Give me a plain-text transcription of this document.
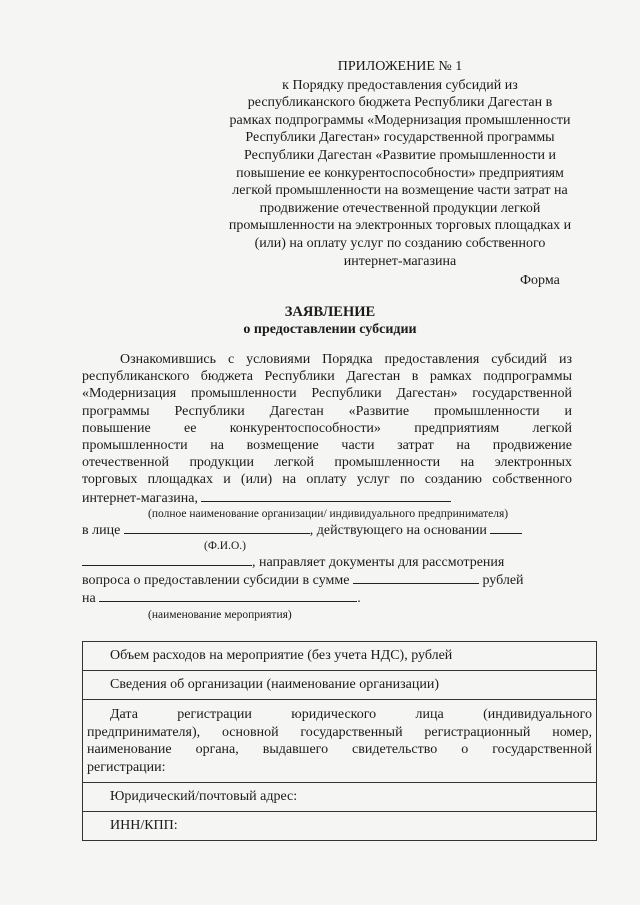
ПРИЛОЖЕНИЕ № 1
к Порядку предоставления субсидий из
республиканского бюджета Республики Дагестан в
рамках подпрограммы «Модернизация промышленности
Республики Дагестан» государственной программы
Республики Дагестан «Развитие промышленности и
повышение ее конкурентоспособности» предприятиям
легкой промышленности на возмещение части затрат на
продвижение отечественной продукции легкой
промышленности на электронных торговых площадках и
(или) на оплату услуг по созданию собственного
интернет-магазина
Форма
ЗАЯВЛЕНИЕ
о предоставлении субсидии
Ознакомившись с условиями Порядка предоставления субсидий из
республиканского бюджета Республики Дагестан в рамках подпрограммы
«Модернизация промышленности Республики Дагестан» государственной
программы Республики Дагестан «Развитие промышленности и
повышение ее конкурентоспособности» предприятиям легкой
промышленности на возмещение части затрат на продвижение
отечественной продукции легкой промышленности на электронных
торговых площадках и (или) на оплату услуг по созданию собственного
интернет-магазина,
(полное наименование организации/ индивидуального предпринимателя)
в лице	, действующего на основании
(Ф.И.О.)
, направляет документы для рассмотрения
вопроса о предоставлении субсидии в сумме	рублей
на	.
(наименование мероприятия)
Объем расходов на мероприятие (без учета НДС), рублей
Сведения об организации (наименование организации)

Дата регистрации юридического лица (индивидуального
предпринимателя), основной государственный регистрационный номер,
наименование органа, выдавшего свидетельство о государственной
регистрации:

Юридический/почтовый адрес:
ИНН/КПП:
